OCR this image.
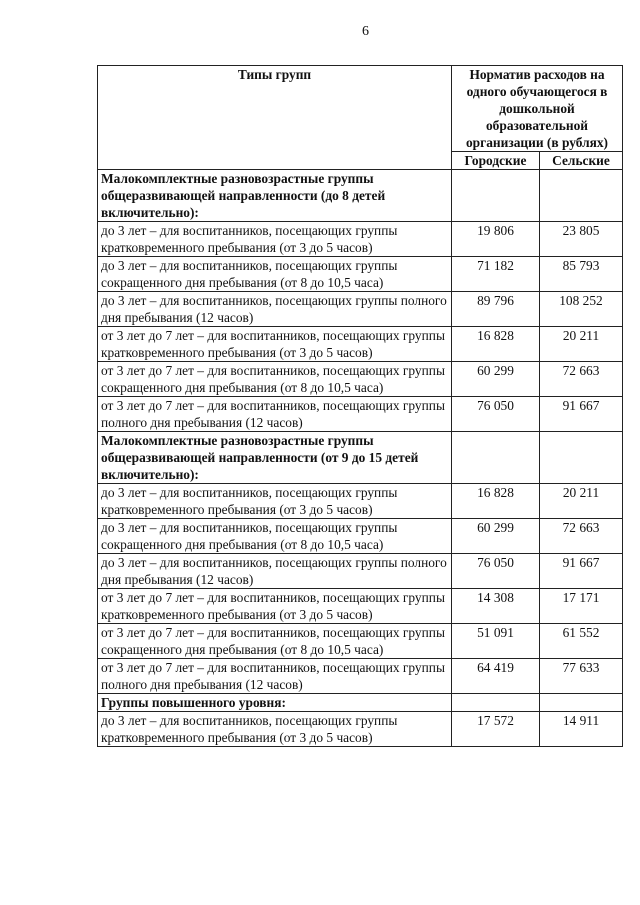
6
Типы групп	Норматив расходов на одного обучающегося в дошкольной образовательной организации (в рублях)	
	Городские	Сельские
Малокомплектные разновозрастные группы общеразвивающей направленности (до 8 детей включительно):		
до 3 лет – для воспитанников, посещающих группы кратковременного пребывания (от 3 до 5 часов)	19 806	23 805
до 3 лет – для воспитанников, посещающих группы сокращенного дня пребывания (от 8 до 10,5 часа)	71 182	85 793
до 3 лет – для воспитанников, посещающих группы полного дня пребывания (12 часов)	89 796	108 252
от 3 лет до 7 лет – для воспитанников, посещающих группы кратковременного пребывания (от 3 до 5 часов)	16 828	20 211
от 3 лет до 7 лет – для воспитанников, посещающих группы сокращенного дня пребывания (от 8 до 10,5 часа)	60 299	72 663
от 3 лет до 7 лет – для воспитанников, посещающих группы полного дня пребывания (12 часов)	76 050	91 667
Малокомплектные разновозрастные группы общеразвивающей направленности (от 9 до 15 детей включительно):		
до 3 лет – для воспитанников, посещающих группы кратковременного пребывания (от 3 до 5 часов)	16 828	20 211
до 3 лет – для воспитанников, посещающих группы сокращенного дня пребывания (от 8 до 10,5 часа)	60 299	72 663
до 3 лет – для воспитанников, посещающих группы полного дня пребывания (12 часов)	76 050	91 667
от 3 лет до 7 лет – для воспитанников, посещающих группы кратковременного пребывания (от 3 до 5 часов)	14 308	17 171
от 3 лет до 7 лет – для воспитанников, посещающих группы сокращенного дня пребывания (от 8 до 10,5 часа)	51 091	61 552
от 3 лет до 7 лет – для воспитанников, посещающих группы полного дня пребывания (12 часов)	64 419	77 633
Группы повышенного уровня:		
до 3 лет – для воспитанников, посещающих группы кратковременного пребывания (от 3 до 5 часов)	17 572	14 911
